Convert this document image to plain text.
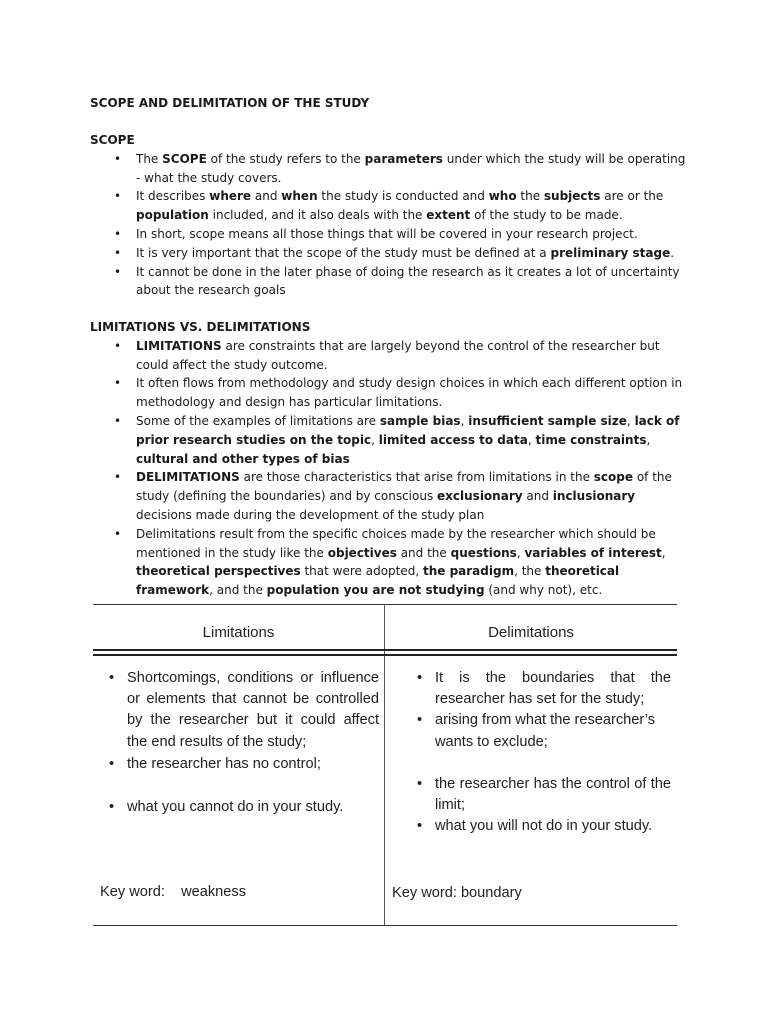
SCOPE AND DELIMITATION OF THE STUDY

SCOPE

• The SCOPE of the study refers to the parameters under which the study will be operating - what the study covers.
• It describes where and when the study is conducted and who the subjects are or the population included, and it also deals with the extent of the study to be made.
• In short, scope means all those things that will be covered in your research project.
• It is very important that the scope of the study must be defined at a preliminary stage.
• It cannot be done in the later phase of doing the research as it creates a lot of uncertainty about the research goals

LIMITATIONS VS. DELIMITATIONS

• LIMITATIONS are constraints that are largely beyond the control of the researcher but could affect the study outcome.
• It often flows from methodology and study design choices in which each different option in methodology and design has particular limitations.
• Some of the examples of limitations are sample bias, insufficient sample size, lack of prior research studies on the topic, limited access to data, time constraints, cultural and other types of bias
• DELIMITATIONS are those characteristics that arise from limitations in the scope of the study (defining the boundaries) and by conscious exclusionary and inclusionary decisions made during the development of the study plan
• Delimitations result from the specific choices made by the researcher which should be mentioned in the study like the objectives and the questions, variables of interest, theoretical perspectives that were adopted, the paradigm, the theoretical framework, and the population you are not studying (and why not), etc.
Limitations	Delimitations
• Shortcomings, conditions or influence or elements that cannot be controlled by the researcher but it could affect the end results of the study;
• the researcher has no control;
• what you cannot do in your study.
• It is the boundaries that the researcher has set for the study;
• arising from what the researcher’s wants to exclude;
• the researcher has the control of the limit;
• what you will not do in your study.
Key word:    weakness	Key word: boundary
